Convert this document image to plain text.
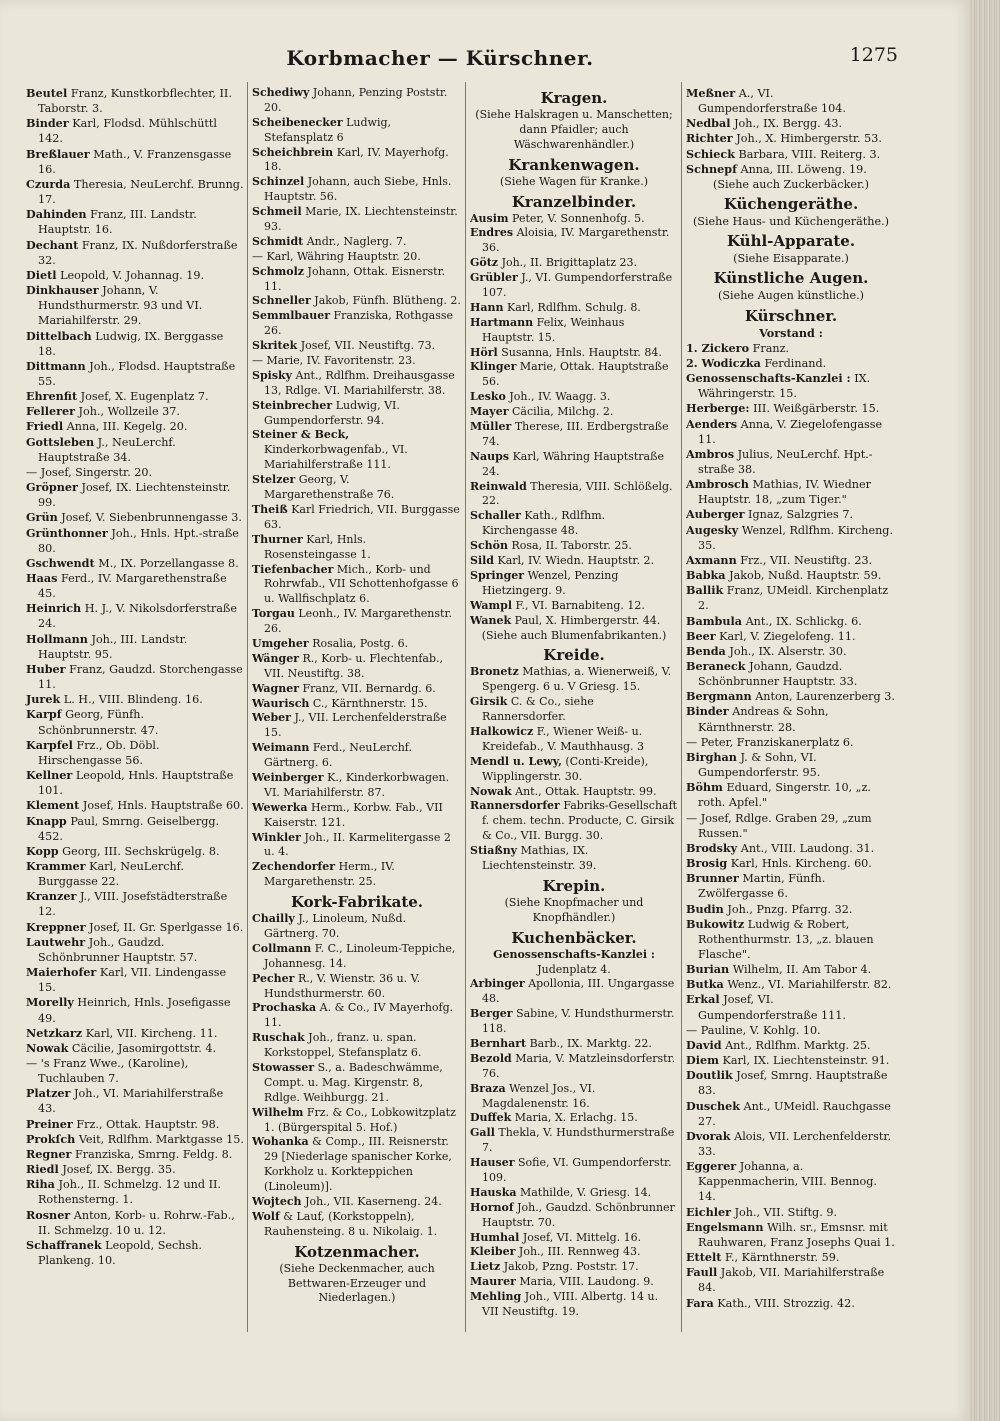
Korbmacher — Kürschner.	1275

Beutel Franz, Kunstkorbflechter, II. Taborstr. 3.

Binder Karl, Flodsd. Mühlschüttl 142.

Breßlauer Math., V. Franzensgasse 16.

Czurda Theresia, NeuLerchf. Brunng. 17.

Dahinden Franz, III. Landstr. Hauptstr. 16.

Dechant Franz, IX. Nußdorferstraße 32.

Dietl Leopold, V. Johannag. 19.

Dinkhauser Johann, V. Hundsthurmerstr. 93 und VI. Mariahilferstr. 29.

Dittelbach Ludwig, IX. Berggasse 18.

Dittmann Joh., Flodsd. Hauptstraße 55.

Ehrenfit Josef, X. Eugenplatz 7.

Fellerer Joh., Wollzeile 37.

Friedl Anna, III. Kegelg. 20.

Gottsleben J., NeuLerchf. Hauptstraße 34.

— Josef, Singerstr. 20.

Gröpner Josef, IX. Liechtensteinstr. 99.

Grün Josef, V. Siebenbrunnengasse 3.

Grünthonner Joh., Hnls. Hpt.-straße 80.

Gschwendt M., IX. Porzellangasse 8.

Haas Ferd., IV. Margarethenstraße 45.

Heinrich H. J., V. Nikolsdorferstraße 24.

Hollmann Joh., III. Landstr. Hauptstr. 95.

Huber Franz, Gaudzd. Storchengasse 11.

Jurek L. H., VIII. Blindeng. 16.

Karpf Georg, Fünfh. Schönbrunnerstr. 47.

Karpfel Frz., Ob. Döbl. Hirschengasse 56.

Kellner Leopold, Hnls. Hauptstraße 101.

Klement Josef, Hnls. Hauptstraße 60.

Knapp Paul, Smrng. Geiselbergg. 452.

Kopp Georg, III. Sechskrügelg. 8.

Krammer Karl, NeuLerchf. Burggasse 22.

Kranzer J., VIII. Josefstädterstraße 12.

Kreppner Josef, II. Gr. Sperlgasse 16.

Lautwehr Joh., Gaudzd. Schönbrunner Hauptstr. 57.

Maierhofer Karl, VII. Lindengasse 15.

Morelly Heinrich, Hnls. Josefigasse 49.

Netzkarz Karl, VII. Kircheng. 11.

Nowak Cäcilie, Jasomirgottstr. 4.

— 's Franz Wwe., (Karoline), Tuchlauben 7.

Platzer Joh., VI. Mariahilferstraße 43.

Preiner Frz., Ottak. Hauptstr. 98.

Prokſch Veit, Rdlfhm. Marktgasse 15.

Regner Franziska, Smrng. Feldg. 8.

Riedl Josef, IX. Bergg. 35.

Riha Joh., II. Schmelzg. 12 und II. Rothensterng. 1.

Rosner Anton, Korb- u. Rohrw.-Fab., II. Schmelzg. 10 u. 12.

Schaffranek Leopold, Sechsh. Plankeng. 10.

Schediwy Johann, Penzing Poststr. 20.

Scheibenecker Ludwig, Stefansplatz 6

Scheichbrein Karl, IV. Mayerhofg. 18.

Schinzel Johann, auch Siebe, Hnls. Hauptstr. 56.

Schmeil Marie, IX. Liechtensteinstr. 93.

Schmidt Andr., Naglerg. 7.

— Karl, Währing Hauptstr. 20.

Schmolz Johann, Ottak. Eisnerstr. 11.

Schneller Jakob, Fünfh. Blütheng. 2.

Semmlbauer Franziska, Rothgasse 26.

Skritek Josef, VII. Neustiftg. 73.

— Marie, IV. Favoritenstr. 23.

Spisky Ant., Rdlfhm. Dreihausgasse 13, Rdlge. VI. Mariahilferstr. 38.

Steinbrecher Ludwig, VI. Gumpendorferstr. 94.

Steiner & Beck, Kinderkorbwagenfab., VI. Mariahilferstraße 111.

Stelzer Georg, V. Margarethenstraße 76.

Theiß Karl Friedrich, VII. Burggasse 63.

Thurner Karl, Hnls. Rosensteingasse 1.

Tiefenbacher Mich., Korb- und Rohrwfab., VII Schottenhofgasse 6 u. Wallfischplatz 6.

Torgau Leonh., IV. Margarethenstr. 26.

Umgeher Rosalia, Postg. 6.

Wänger R., Korb- u. Flechtenfab., VII. Neustiftg. 38.

Wagner Franz, VII. Bernardg. 6.

Waurisch C., Kärnthnerstr. 15.

Weber J., VII. Lerchenfelderstraße 15.

Weimann Ferd., NeuLerchf. Gärtnerg. 6.

Weinberger K., Kinderkorbwagen. VI. Mariahilferstr. 87.

Wewerka Herm., Korbw. Fab., VII Kaiserstr. 121.

Winkler Joh., II. Karmelitergasse 2 u. 4.

Zechendorfer Herm., IV. Margarethenstr. 25.

Kork-Fabrikate.

Chailly J., Linoleum, Nußd. Gärtnerg. 70.

Collmann F. C., Linoleum-Teppiche, Johannesg. 14.

Pecher R., V. Wienstr. 36 u. V. Hundsthurmerstr. 60.

Prochaska A. & Co., IV Mayerhofg. 11.

Ruschak Joh., franz. u. span. Korkstoppel, Stefansplatz 6.

Stowasser S., a. Badeschwämme, Compt. u. Mag. Kirgenstr. 8, Rdlge. Weihburgg. 21.

Wilhelm Frz. & Co., Lobkowitzplatz 1. (Bürgerspital 5. Hof.)

Wohanka & Comp., III. Reisnerstr. 29 [Niederlage spanischer Korke, Korkholz u. Korkteppichen (Linoleum)].

Wojtech Joh., VII. Kaserneng. 24.

Wolf & Lauf, (Korkstoppeln), Rauhensteing. 8 u. Nikolaig. 1.

Kotzenmacher.

(Siehe Deckenmacher, auch Bettwaren-Erzeuger und Niederlagen.)

Kragen.

(Siehe Halskragen u. Manschetten; dann Pfaidler; auch Wäschwarenhändler.)

Krankenwagen.

(Siehe Wagen für Kranke.)

Kranzelbinder.

Ausim Peter, V. Sonnenhofg. 5.

Endres Aloisia, IV. Margarethenstr. 36.

Götz Joh., II. Brigittaplatz 23.

Grübler J., VI. Gumpendorferstraße 107.

Hann Karl, Rdlfhm. Schulg. 8.

Hartmann Felix, Weinhaus Hauptstr. 15.

Hörl Susanna, Hnls. Hauptstr. 84.

Klinger Marie, Ottak. Hauptstraße 56.

Lesko Joh., IV. Waagg. 3.

Mayer Cäcilia, Milchg. 2.

Müller Therese, III. Erdbergstraße 74.

Naups Karl, Währing Hauptstraße 24.

Reinwald Theresia, VIII. Schlößelg. 22.

Schaller Kath., Rdlfhm. Kirchengasse 48.

Schön Rosa, II. Taborstr. 25.

Sild Karl, IV. Wiedn. Hauptstr. 2.

Springer Wenzel, Penzing Hietzingerg. 9.

Wampl F., VI. Barnabiteng. 12.

Wanek Paul, X. Himbergerstr. 44.

(Siehe auch Blumenfabrikanten.)

Kreide.

Bronetz Mathias, a. Wienerweiß, V. Spengerg. 6 u. V Griesg. 15.

Girsik C. & Co., siehe Rannersdorfer.

Halkowicz F., Wiener Weiß- u. Kreidefab., V. Mauthhausg. 3

Mendl u. Lewy, (Conti-Kreide), Wipplingerstr. 30.

Nowak Ant., Ottak. Hauptstr. 99.

Rannersdorfer Fabriks-Gesellschaft f. chem. techn. Producte, C. Girsik & Co., VII. Burgg. 30.

Stiaßny Mathias, IX. Liechtensteinstr. 39.

Krepin.

(Siehe Knopfmacher und Knopfhändler.)

Kuchenbäcker.

Genossenschafts-Kanzlei :

Judenplatz 4.

Arbinger Apollonia, III. Ungargasse 48.

Berger Sabine, V. Hundsthurmerstr. 118.

Bernhart Barb., IX. Marktg. 22.

Bezold Maria, V. Matzleinsdorferstr. 76.

Braza Wenzel Jos., VI. Magdalenenstr. 16.

Duffek Maria, X. Erlachg. 15.

Gall Thekla, V. Hundsthurmerstraße 7.

Hauser Sofie, VI. Gumpendorferstr. 109.

Hauska Mathilde, V. Griesg. 14.

Hornof Joh., Gaudzd. Schönbrunner Hauptstr. 70.

Humhal Josef, VI. Mittelg. 16.

Kleiber Joh., III. Rennweg 43.

Lietz Jakob, Pzng. Poststr. 17.

Maurer Maria, VIII. Laudong. 9.

Mehling Joh., VIII. Albertg. 14 u. VII Neustiftg. 19.

Meßner A., VI. Gumpendorferstraße 104.

Nedbal Joh., IX. Bergg. 43.

Richter Joh., X. Himbergerstr. 53.

Schieck Barbara, VIII. Reiterg. 3.

Schnepf Anna, III. Löweng. 19.

(Siehe auch Zuckerbäcker.)

Küchengeräthe.

(Siehe Haus- und Küchengeräthe.)

Kühl-Apparate.

(Siehe Eisapparate.)

Künstliche Augen.

(Siehe Augen künstliche.)

Kürschner.

Vorstand :

1. Zickero Franz.

2. Wodiczka Ferdinand.

Genossenschafts-Kanzlei : IX. Währingerstr. 15.

Herberge: III. Weißgärberstr. 15.

Aenders Anna, V. Ziegelofengasse 11.

Ambros Julius, NeuLerchf. Hpt.-straße 38.

Ambrosch Mathias, IV. Wiedner Hauptstr. 18, „zum Tiger."

Auberger Ignaz, Salzgries 7.

Augesky Wenzel, Rdlfhm. Kircheng. 35.

Axmann Frz., VII. Neustiftg. 23.

Babka Jakob, Nußd. Hauptstr. 59.

Ballik Franz, UMeidl. Kirchenplatz 2.

Bambula Ant., IX. Schlickg. 6.

Beer Karl, V. Ziegelofeng. 11.

Benda Joh., IX. Alserstr. 30.

Beraneck Johann, Gaudzd. Schönbrunner Hauptstr. 33.

Bergmann Anton, Laurenzerberg 3.

Binder Andreas & Sohn, Kärnthnerstr. 28.

— Peter, Franziskanerplatz 6.

Birghan J. & Sohn, VI. Gumpendorferstr. 95.

Böhm Eduard, Singerstr. 10, „z. roth. Apfel."

— Josef, Rdlge. Graben 29, „zum Russen."

Brodsky Ant., VIII. Laudong. 31.

Brosig Karl, Hnls. Kircheng. 60.

Brunner Martin, Fünfh. Zwölfergasse 6.

Budin Joh., Pnzg. Pfarrg. 32.

Bukowitz Ludwig & Robert, Rothenthurmstr. 13, „z. blauen Flasche".

Burian Wilhelm, II. Am Tabor 4.

Butka Wenz., VI. Mariahilferstr. 82.

Erkal Josef, VI. Gumpendorferstraße 111.

— Pauline, V. Kohlg. 10.

David Ant., Rdlfhm. Marktg. 25.

Diem Karl, IX. Liechtensteinstr. 91.

Doutlik Josef, Smrng. Hauptstraße 83.

Duschek Ant., UMeidl. Rauchgasse 27.

Dvorak Alois, VII. Lerchenfelderstr. 33.

Eggerer Johanna, a. Kappenmacherin, VIII. Bennog. 14.

Eichler Joh., VII. Stiftg. 9.

Engelsmann Wilh. sr., Emsnsr. mit Rauhwaren, Franz Josephs Quai 1.

Ettelt F., Kärnthnerstr. 59.

Faull Jakob, VII. Mariahilferstraße 84.

Fara Kath., VIII. Strozzig. 42.
